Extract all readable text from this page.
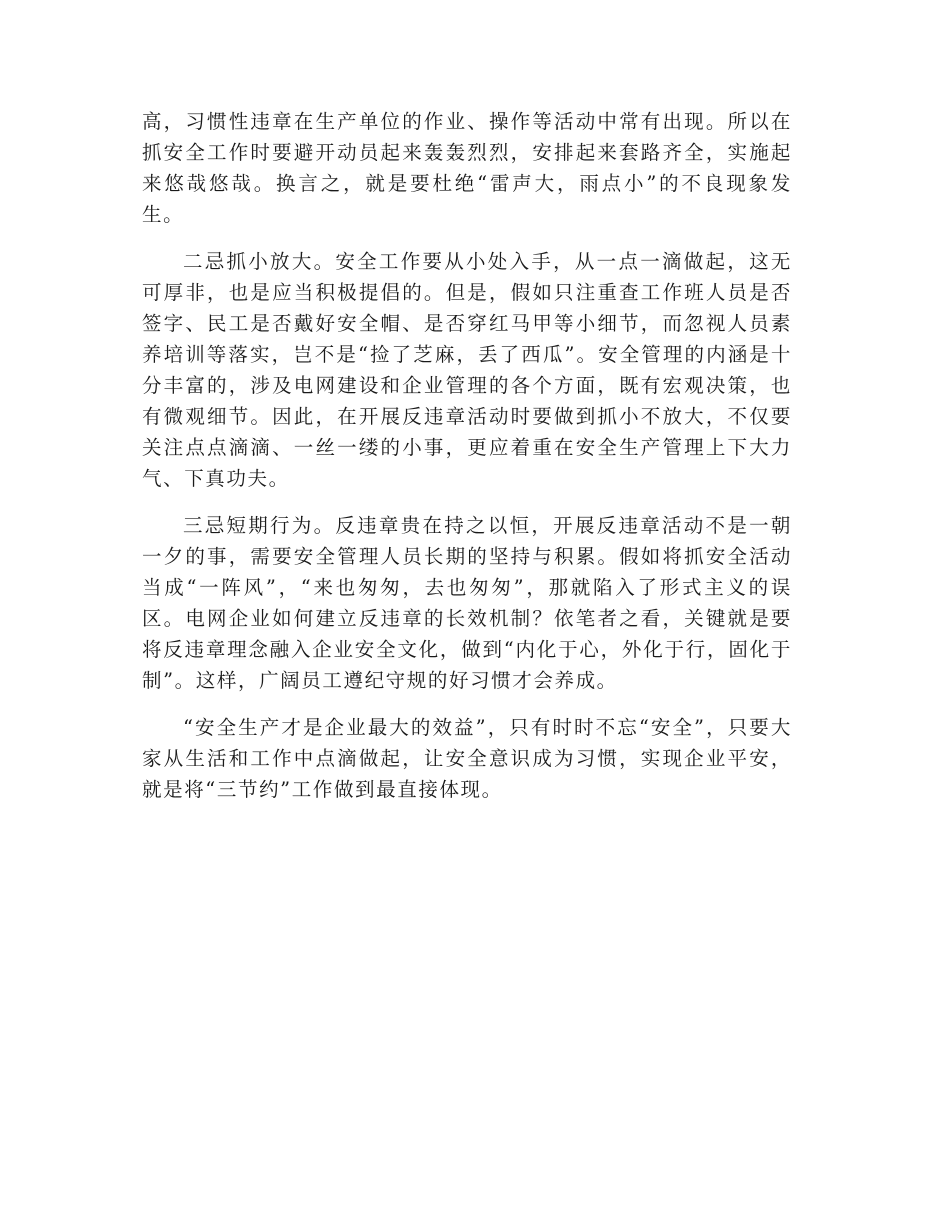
高，习惯性违章在生产单位的作业、操作等活动中常有出现。所以在抓安全工作时要避开动员起来轰轰烈烈，安排起来套路齐全，实施起来悠哉悠哉。换言之，就是要杜绝“雷声大，雨点小”的不良现象发生。

二忌抓小放大。安全工作要从小处入手，从一点一滴做起，这无可厚非，也是应当积极提倡的。但是，假如只注重查工作班人员是否签字、民工是否戴好安全帽、是否穿红马甲等小细节，而忽视人员素养培训等落实，岂不是“捡了芝麻，丢了西瓜”。安全管理的内涵是十分丰富的，涉及电网建设和企业管理的各个方面，既有宏观决策，也有微观细节。因此，在开展反违章活动时要做到抓小不放大，不仅要关注点点滴滴、一丝一缕的小事，更应着重在安全生产管理上下大力气、下真功夫。

三忌短期行为。反违章贵在持之以恒，开展反违章活动不是一朝一夕的事，需要安全管理人员长期的坚持与积累。假如将抓安全活动当成“一阵风”，“来也匆匆，去也匆匆”，那就陷入了形式主义的误区。电网企业如何建立反违章的长效机制？依笔者之看，关键就是要将反违章理念融入企业安全文化，做到“内化于心，外化于行，固化于制”。这样，广阔员工遵纪守规的好习惯才会养成。

“安全生产才是企业最大的效益”，只有时时不忘“安全”，只要大家从生活和工作中点滴做起，让安全意识成为习惯，实现企业平安，就是将“三节约”工作做到最直接体现。
